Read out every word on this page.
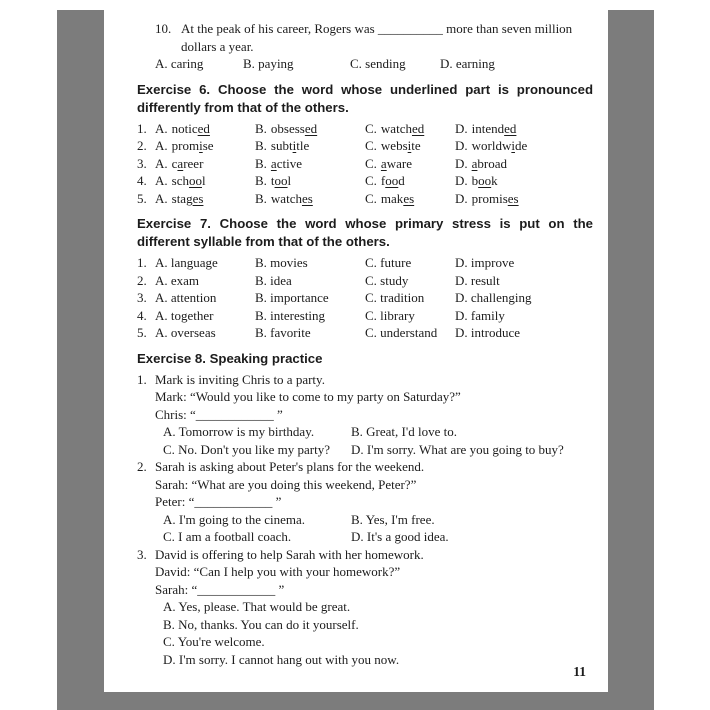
10. At the peak of his career, Rogers was __________ more than seven million dollars a year.
A. caring	B. paying	C. sending	D. earning
Exercise 6. Choose the word whose underlined part is pronounced differently from that of the others.
1. A. noticed	B. obsessed	C. watched	D. intended
2. A. promise	B. subtitle	C. website	D. worldwide
3. A. career	B. active	C. aware	D. abroad
4. A. school	B. tool	C. food	D. book
5. A. stages	B. watches	C. makes	D. promises
Exercise 7. Choose the word whose primary stress is put on the different syllable from that of the others.
1. A. language	B. movies	C. future	D. improve
2. A. exam	B. idea	C. study	D. result
3. A. attention	B. importance	C. tradition	D. challenging
4. A. together	B. interesting	C. library	D. family
5. A. overseas	B. favorite	C. understand	D. introduce
Exercise 8. Speaking practice
1. Mark is inviting Chris to a party.
Mark: “Would you like to come to my party on Saturday?”
Chris: “____________ ”
A. Tomorrow is my birthday.	B. Great, I'd love to.
C. No. Don't you like my party?	D. I'm sorry. What are you going to buy?
2. Sarah is asking about Peter's plans for the weekend.
Sarah: “What are you doing this weekend, Peter?”
Peter: “____________ ”
A. I'm going to the cinema.	B. Yes, I'm free.
C. I am a football coach.	D. It's a good idea.
3. David is offering to help Sarah with her homework.
David: “Can I help you with your homework?”
Sarah: “____________ ”
A. Yes, please. That would be great.
B. No, thanks. You can do it yourself.
C. You're welcome.
D. I'm sorry. I cannot hang out with you now.
11
